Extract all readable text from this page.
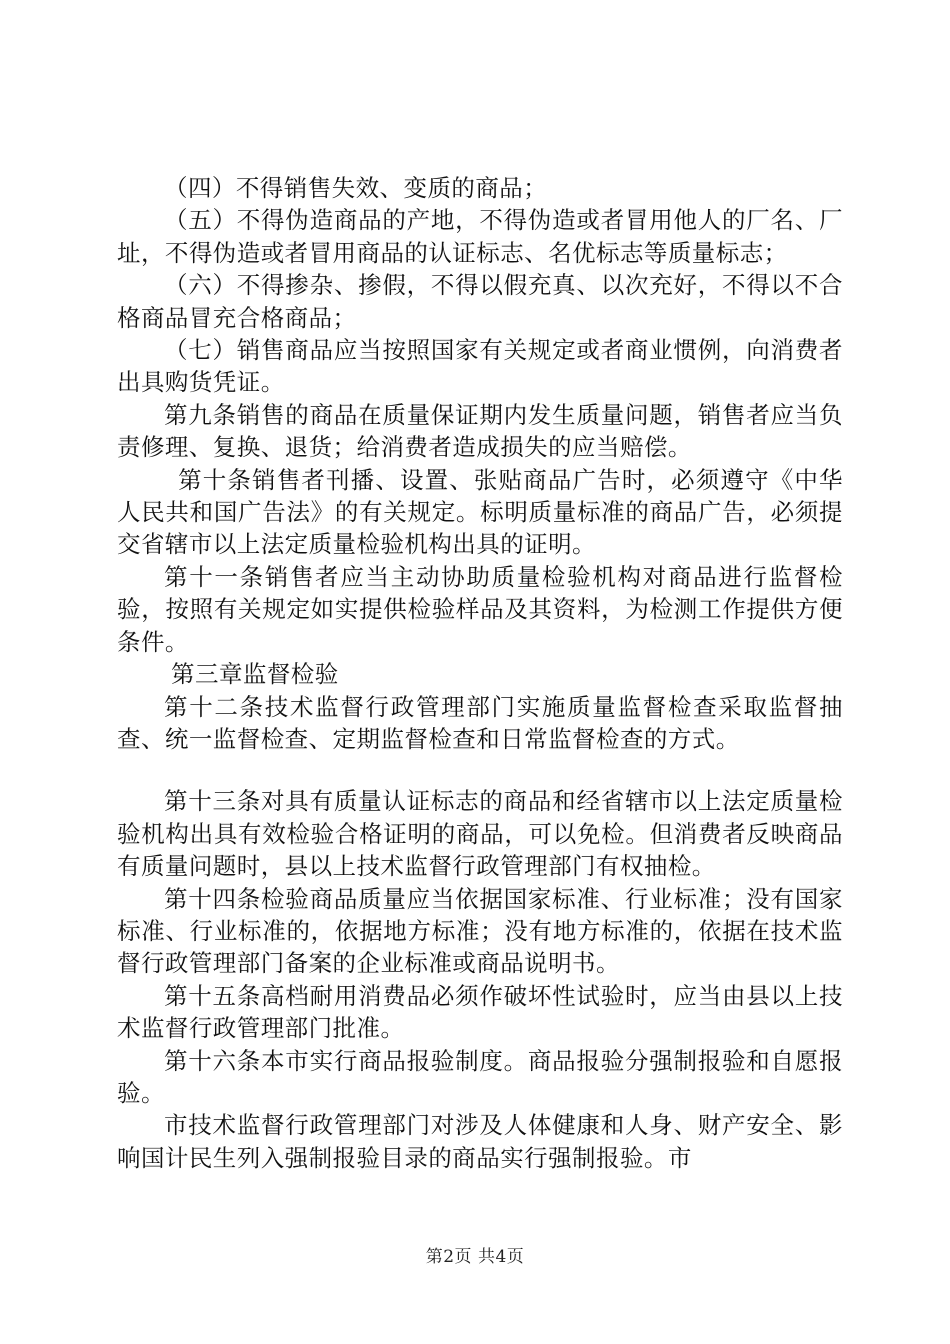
（四）不得销售失效、变质的商品；

（五）不得伪造商品的产地，不得伪造或者冒用他人的厂名、厂址，不得伪造或者冒用商品的认证标志、名优标志等质量标志；

（六）不得掺杂、掺假，不得以假充真、以次充好，不得以不合格商品冒充合格商品；

（七）销售商品应当按照国家有关规定或者商业惯例，向消费者出具购货凭证。

第九条销售的商品在质量保证期内发生质量问题，销售者应当负责修理、复换、退货；给消费者造成损失的应当赔偿。

第十条销售者刊播、设置、张贴商品广告时，必须遵守《中华人民共和国广告法》的有关规定。标明质量标准的商品广告，必须提交省辖市以上法定质量检验机构出具的证明。

第十一条销售者应当主动协助质量检验机构对商品进行监督检验，按照有关规定如实提供检验样品及其资料，为检测工作提供方便条件。

第三章监督检验

第十二条技术监督行政管理部门实施质量监督检查采取监督抽查、统一监督检查、定期监督检查和日常监督检查的方式。

第十三条对具有质量认证标志的商品和经省辖市以上法定质量检验机构出具有效检验合格证明的商品，可以免检。但消费者反映商品有质量问题时，县以上技术监督行政管理部门有权抽检。

第十四条检验商品质量应当依据国家标准、行业标准；没有国家标准、行业标准的，依据地方标准；没有地方标准的，依据在技术监督行政管理部门备案的企业标准或商品说明书。

第十五条高档耐用消费品必须作破坏性试验时，应当由县以上技术监督行政管理部门批准。

第十六条本市实行商品报验制度。商品报验分强制报验和自愿报验。

市技术监督行政管理部门对涉及人体健康和人身、财产安全、影响国计民生列入强制报验目录的商品实行强制报验。市

第2页 共4页
